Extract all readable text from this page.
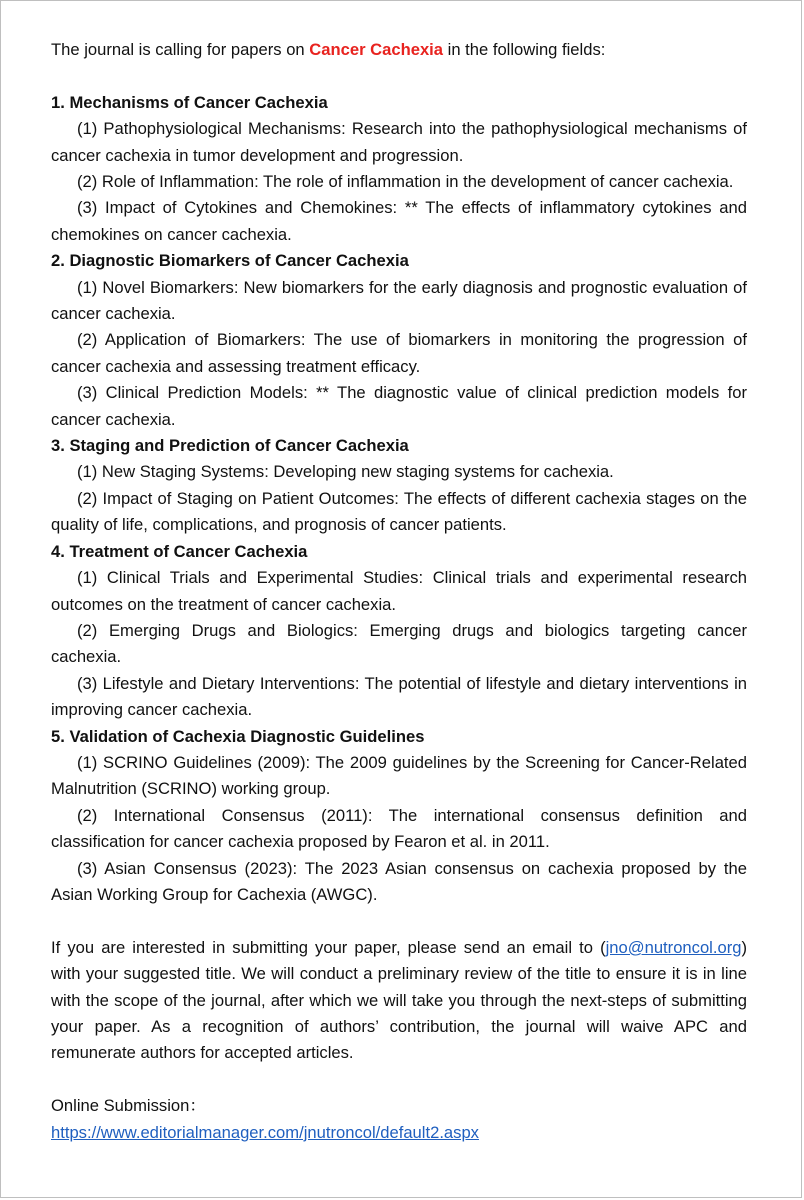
The journal is calling for papers on Cancer Cachexia in the following fields:

1. Mechanisms of Cancer Cachexia

(1) Pathophysiological Mechanisms: Research into the pathophysiological mechanisms of cancer cachexia in tumor development and progression.

(2) Role of Inflammation: The role of inflammation in the development of cancer cachexia.

(3) Impact of Cytokines and Chemokines: ** The effects of inflammatory cytokines and chemokines on cancer cachexia.

2. Diagnostic Biomarkers of Cancer Cachexia

(1) Novel Biomarkers: New biomarkers for the early diagnosis and prognostic evaluation of cancer cachexia.

(2) Application of Biomarkers: The use of biomarkers in monitoring the progression of cancer cachexia and assessing treatment efficacy.

(3) Clinical Prediction Models: ** The diagnostic value of clinical prediction models for cancer cachexia.

3. Staging and Prediction of Cancer Cachexia

(1) New Staging Systems: Developing new staging systems for cachexia.

(2) Impact of Staging on Patient Outcomes: The effects of different cachexia stages on the quality of life, complications, and prognosis of cancer patients.

4. Treatment of Cancer Cachexia

(1) Clinical Trials and Experimental Studies: Clinical trials and experimental research outcomes on the treatment of cancer cachexia.

(2) Emerging Drugs and Biologics: Emerging drugs and biologics targeting cancer cachexia.

(3) Lifestyle and Dietary Interventions: The potential of lifestyle and dietary interventions in improving cancer cachexia.

5. Validation of Cachexia Diagnostic Guidelines

(1) SCRINO Guidelines (2009): The 2009 guidelines by the Screening for Cancer-Related Malnutrition (SCRINO) working group.

(2) International Consensus (2011): The international consensus definition and classification for cancer cachexia proposed by Fearon et al. in 2011.

(3) Asian Consensus (2023): The 2023 Asian consensus on cachexia proposed by the Asian Working Group for Cachexia (AWGC).

If you are interested in submitting your paper, please send an email to (jno@nutroncol.org) with your suggested title. We will conduct a preliminary review of the title to ensure it is in line with the scope of the journal, after which we will take you through the next-steps of submitting your paper. As a recognition of authors’ contribution, the journal will waive APC and remunerate authors for accepted articles.

Online Submission：

https://www.editorialmanager.com/jnutroncol/default2.aspx
